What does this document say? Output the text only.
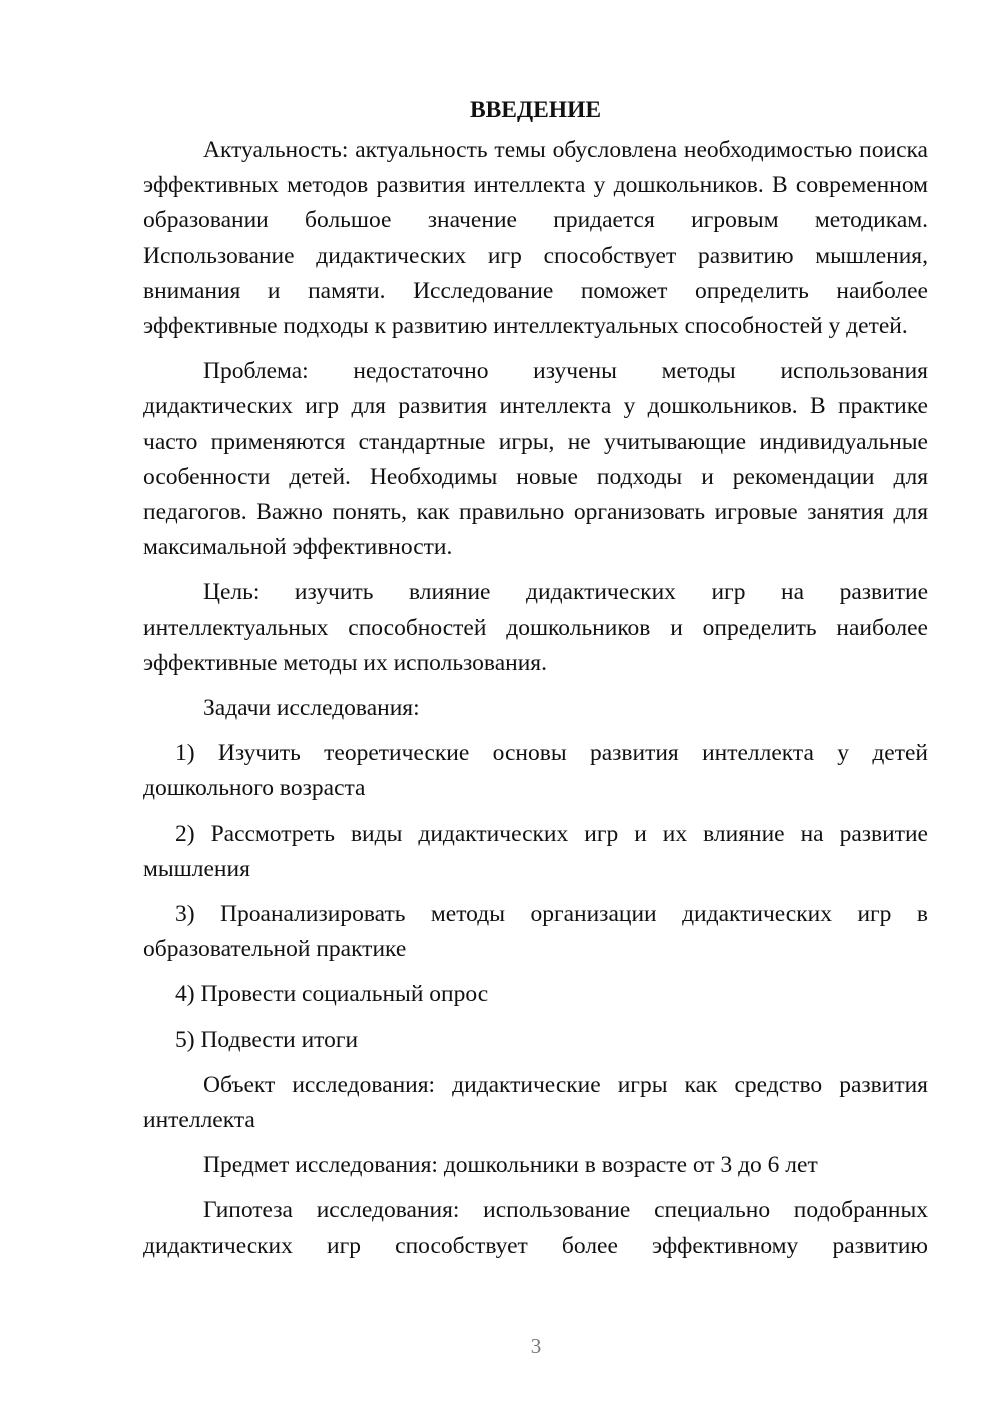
ВВЕДЕНИЕ

Актуальность: актуальность темы обусловлена необходимостью поиска эффективных методов развития интеллекта у дошкольников. В современном образовании большое значение придается игровым методикам. Использование дидактических игр способствует развитию мышления, внимания и памяти. Исследование поможет определить наиболее эффективные подходы к развитию интеллектуальных способностей у детей.

Проблема: недостаточно изучены методы использования дидактических игр для развития интеллекта у дошкольников. В практике часто применяются стандартные игры, не учитывающие индивидуальные особенности детей. Необходимы новые подходы и рекомендации для педагогов. Важно понять, как правильно организовать игровые занятия для максимальной эффективности.

Цель: изучить влияние дидактических игр на развитие интеллектуальных способностей дошкольников и определить наиболее эффективные методы их использования.

Задачи исследования:

1) Изучить теоретические основы развития интеллекта у детей дошкольного возраста

2) Рассмотреть виды дидактических игр и их влияние на развитие мышления

3) Проанализировать методы организации дидактических игр в образовательной практике

4) Провести социальный опрос

5) Подвести итоги

Объект исследования: дидактические игры как средство развития интеллекта

Предмет исследования: дошкольники в возрасте от 3 до 6 лет

Гипотеза исследования: использование специально подобранных дидактических игр способствует более эффективному развитию

3
